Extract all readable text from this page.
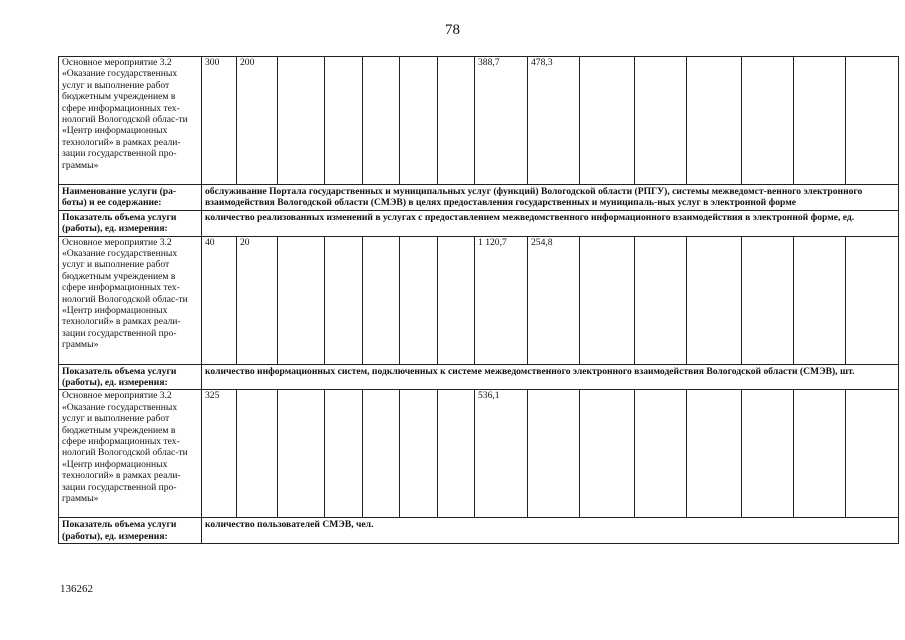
78
Основное мероприятие 3.2 «Оказание государственных услуг и выполнение работ бюджетным учреждением в сфере информационных тех-нологий Вологодской облас-ти «Центр информационных технологий» в рамках реали-зации государственной про-граммы»	300	200						388,7	478,3						
Наименование услуги (ра-боты) и ее содержание:	обслуживание Портала государственных и муниципальных услуг (функций) Вологодской области (РПГУ), системы межведомст-венного электронного взаимодействия Вологодской области (СМЭВ) в целях предоставления государственных и муниципаль-ных услуг в электронной форме														
Показатель объема услуги (работы), ед. измерения:	количество реализованных изменений в услугах с предоставлением межведомственного информационного взаимодействия в электронной форме, ед.														
Основное мероприятие 3.2 «Оказание государственных услуг и выполнение работ бюджетным учреждением в сфере информационных тех-нологий Вологодской облас-ти «Центр информационных технологий» в рамках реали-зации государственной про-граммы»	40	20						1 120,7	254,8						
Показатель объема услуги (работы), ед. измерения:	количество информационных систем, подключенных к системе межведомственного электронного взаимодействия Вологодской области (СМЭВ), шт.														
Основное мероприятие 3.2 «Оказание государственных услуг и выполнение работ бюджетным учреждением в сфере информационных тех-нологий Вологодской облас-ти «Центр информационных технологий» в рамках реали-зации государственной про-граммы»	325							536,1							
Показатель объема услуги (работы), ед. измерения:	количество пользователей СМЭВ, чел.														
136262
